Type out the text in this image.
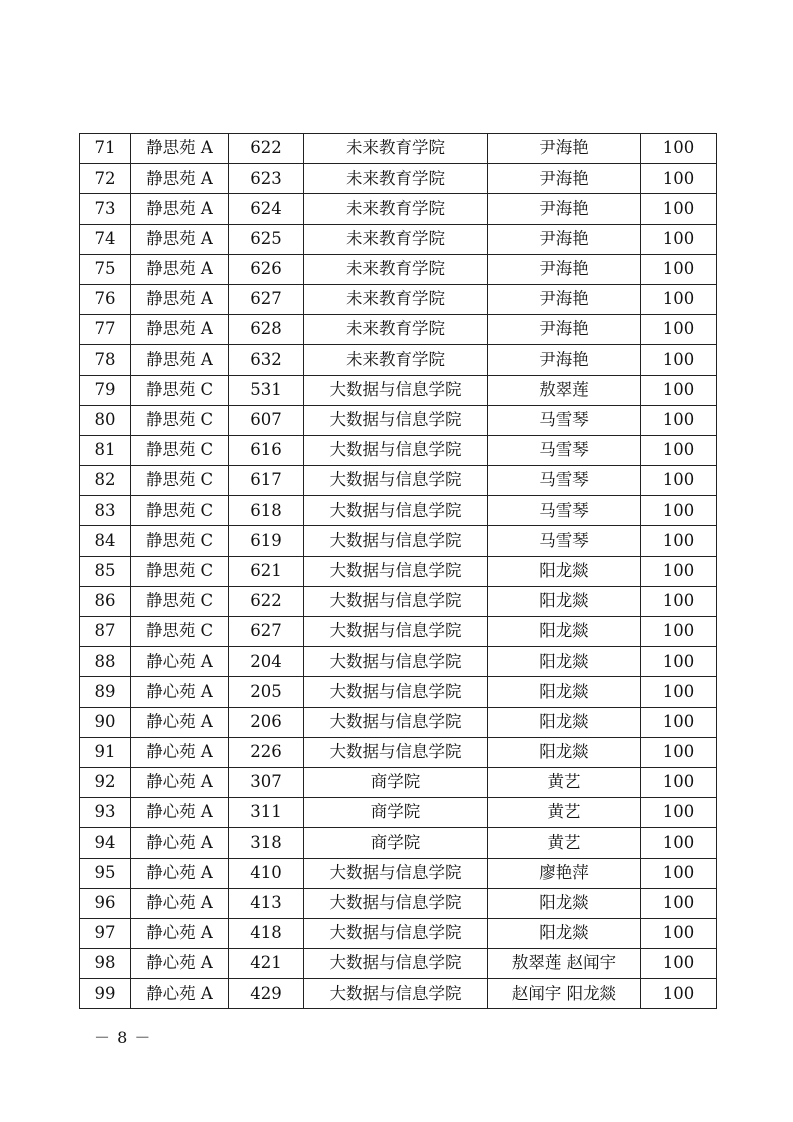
71	静思苑 A	622	未来教育学院	尹海艳	100
72	静思苑 A	623	未来教育学院	尹海艳	100
73	静思苑 A	624	未来教育学院	尹海艳	100
74	静思苑 A	625	未来教育学院	尹海艳	100
75	静思苑 A	626	未来教育学院	尹海艳	100
76	静思苑 A	627	未来教育学院	尹海艳	100
77	静思苑 A	628	未来教育学院	尹海艳	100
78	静思苑 A	632	未来教育学院	尹海艳	100
79	静思苑 C	531	大数据与信息学院	敖翠莲	100
80	静思苑 C	607	大数据与信息学院	马雪琴	100
81	静思苑 C	616	大数据与信息学院	马雪琴	100
82	静思苑 C	617	大数据与信息学院	马雪琴	100
83	静思苑 C	618	大数据与信息学院	马雪琴	100
84	静思苑 C	619	大数据与信息学院	马雪琴	100
85	静思苑 C	621	大数据与信息学院	阳龙燚	100
86	静思苑 C	622	大数据与信息学院	阳龙燚	100
87	静思苑 C	627	大数据与信息学院	阳龙燚	100
88	静心苑 A	204	大数据与信息学院	阳龙燚	100
89	静心苑 A	205	大数据与信息学院	阳龙燚	100
90	静心苑 A	206	大数据与信息学院	阳龙燚	100
91	静心苑 A	226	大数据与信息学院	阳龙燚	100
92	静心苑 A	307	商学院	黄艺	100
93	静心苑 A	311	商学院	黄艺	100
94	静心苑 A	318	商学院	黄艺	100
95	静心苑 A	410	大数据与信息学院	廖艳萍	100
96	静心苑 A	413	大数据与信息学院	阳龙燚	100
97	静心苑 A	418	大数据与信息学院	阳龙燚	100
98	静心苑 A	421	大数据与信息学院	敖翠莲 赵闻宇	100
99	静心苑 A	429	大数据与信息学院	赵闻宇 阳龙燚	100
－ 8 －
